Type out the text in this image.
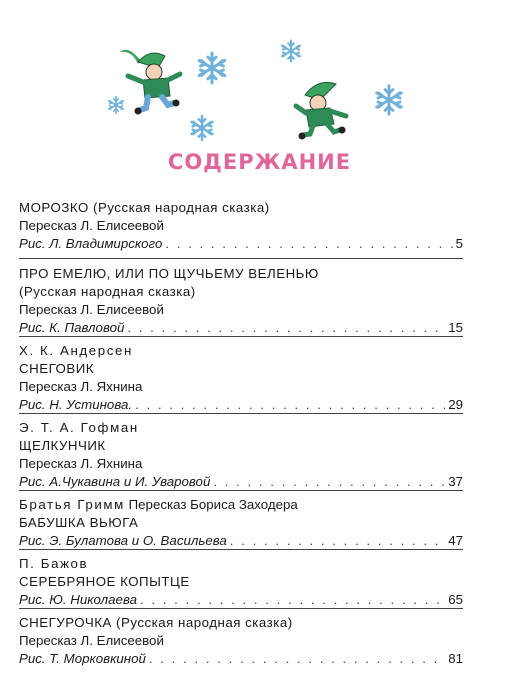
СОДЕРЖАНИЕ
МОРОЗКО (Русская народная сказка)
Пересказ Л. Елисеевой
Рис. Л. Владимирского . . .	5
ПРО ЕМЕЛЮ, ИЛИ ПО ЩУЧЬЕМУ ВЕЛЕНЬЮ
(Русская народная сказка)
Пересказ Л. Елисеевой
Рис. К. Павловой . . .	15
Х. К. Андерсен
СНЕГОВИК
Пересказ Л. Яхнина
Рис. Н. Устинова. . . .	29
Э. Т. А. Гофман
ЩЕЛКУНЧИК
Пересказ Л. Яхнина
Рис. А.Чукавина и И. Уваровой . . .	37
Братья Гримм Пересказ Бориса Заходера
БАБУШКА ВЬЮГА
Рис. Э. Булатова и О. Васильева . . .	47
П. Бажов
СЕРЕБРЯНОЕ КОПЫТЦЕ
Рис. Ю. Николаева . . .	65
СНЕГУРОЧКА (Русская народная сказка)
Пересказ Л. Елисеевой
Рис. Т. Морковкиной . . .	81
